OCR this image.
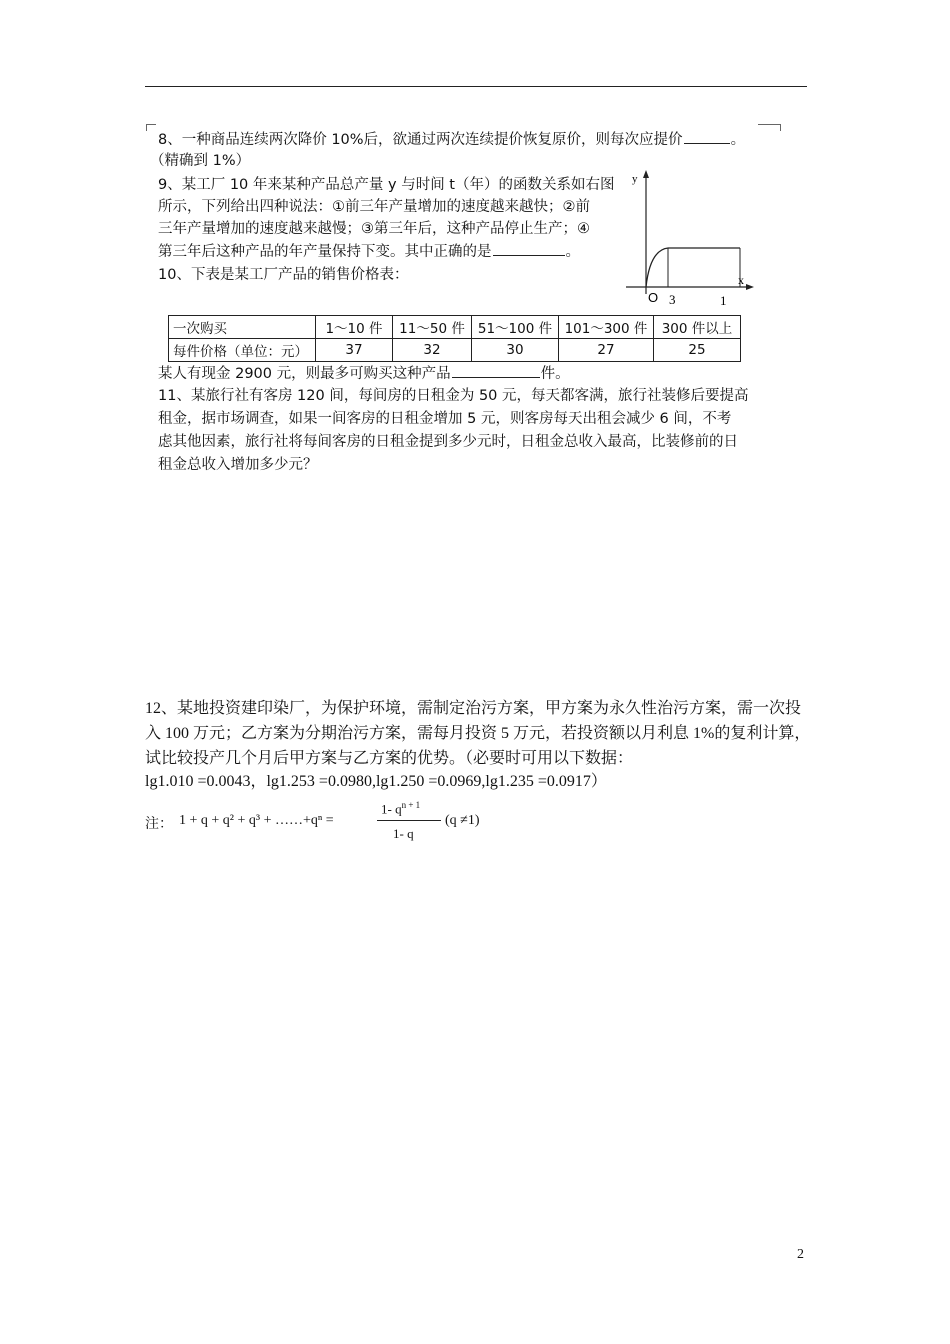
8、一种商品连续两次降价 10%后，欲通过两次连续提价恢复原价，则每次应提价	。
（精确到 1%）
9、某工厂 10 年来某种产品总产量 y 与时间 t（年）的函数关系如右图
所示，下列给出四种说法：①前三年产量增加的速度越来越快；②前
三年产量增加的速度越来越慢；③第三年后，这种产品停止生产；④
第三年后这种产品的年产量保持下变。其中正确的是	。
y
x
O 3	1
10、下表是某工厂产品的销售价格表：
一次购买	1～10 件	11～50 件	51～100 件	101～300 件	300 件以上
每件价格（单位：元）	37	32	30	27	25
某人有现金 2900 元，则最多可购买这种产品	件。
11、某旅行社有客房 120 间，每间房的日租金为 50 元，每天都客满，旅行社装修后要提高
租金，据市场调查，如果一间客房的日租金增加 5 元，则客房每天出租会减少 6 间，不考
虑其他因素，旅行社将每间客房的日租金提到多少元时，日租金总收入最高，比装修前的日
租金总收入增加多少元？
12、某地投资建印染厂，为保护环境，需制定治污方案，甲方案为永久性治污方案，需一次投
入 100 万元；乙方案为分期治污方案，需每月投资 5 万元，若投资额以月利息 1%的复利计算，
试比较投产几个月后甲方案与乙方案的优势。（必要时可用以下数据：
lg1.010 =0.0043，lg1.253 =0.0980,lg1.250 =0.0969,lg1.235 =0.0917）
注： 1 + q + q² + q³ + ……+qⁿ =
1- $q^{n + 1}$
1- q
(q ≠1)
2
